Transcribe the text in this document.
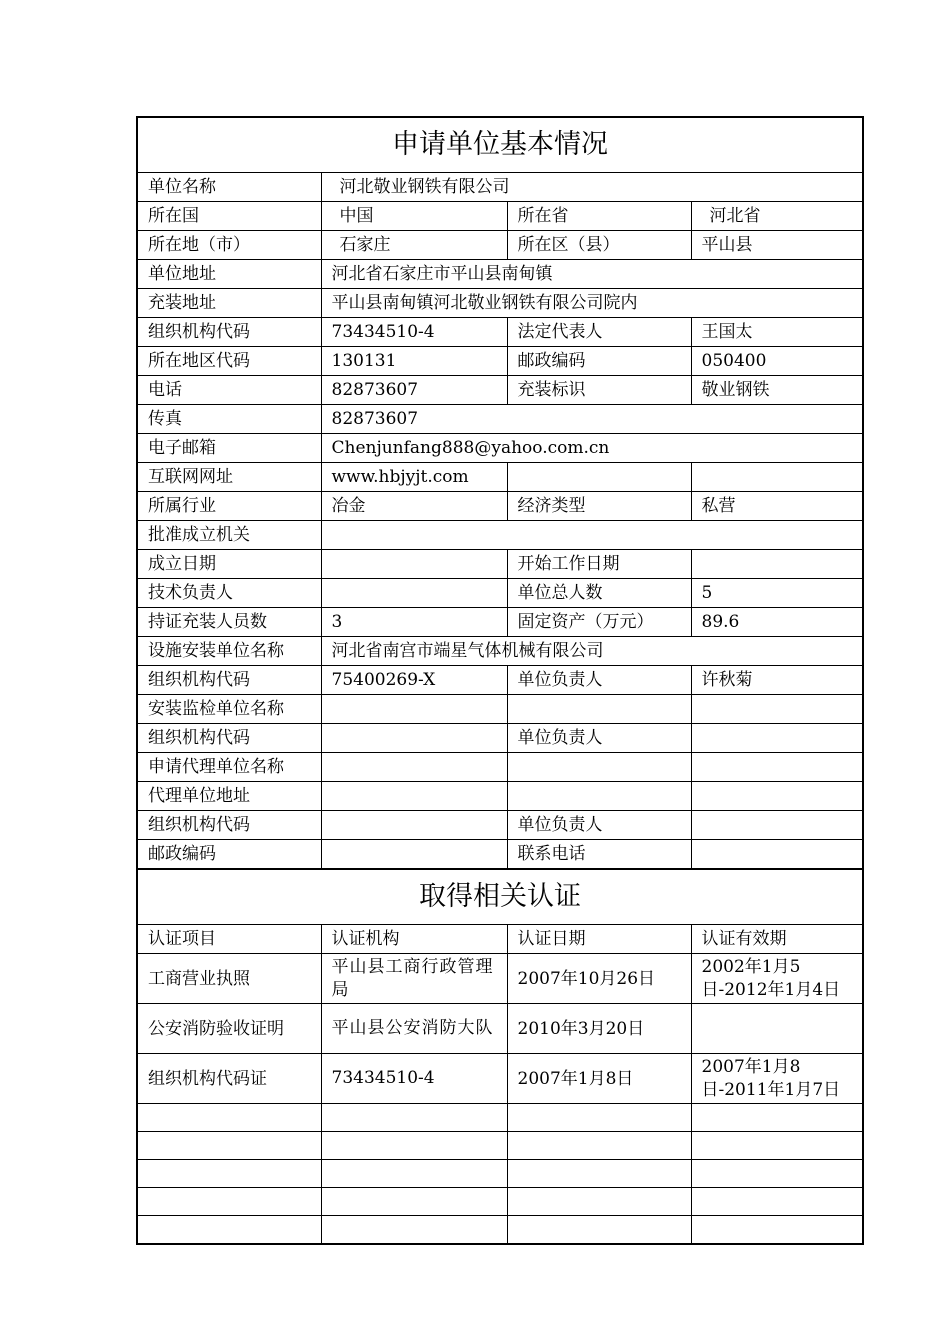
申请单位基本情况			
单位名称	河北敬业钢铁有限公司		
所在国	中国	所在省	河北省
所在地（市）	石家庄	所在区（县）	平山县
单位地址	河北省石家庄市平山县南甸镇		
充装地址	平山县南甸镇河北敬业钢铁有限公司院内		
组织机构代码	73434510-4	法定代表人	王国太
所在地区代码	130131	邮政编码	050400
电话	82873607	充装标识	敬业钢铁
传真	82873607		
电子邮箱	Chenjunfang888@yahoo.com.cn		
互联网网址	www.hbjyjt.com		
所属行业	冶金	经济类型	私营
批准成立机关			
成立日期		开始工作日期	
技术负责人		单位总人数	5
持证充装人员数	3	固定资产（万元）	89.6
设施安装单位名称	河北省南宫市端星气体机械有限公司		
组织机构代码	75400269-X	单位负责人	许秋菊
安装监检单位名称			
组织机构代码		单位负责人	
申请代理单位名称			
代理单位地址			
组织机构代码		单位负责人	
邮政编码		联系电话	
取得相关认证			
认证项目	认证机构	认证日期	认证有效期
工商营业执照	平山县工商行政管理局	2007年10月26日	2002年1月5日-2012年1月4日
公安消防验收证明	平山县公安消防大队	2010年3月20日	
组织机构代码证	73434510-4	2007年1月8日	2007年1月8日-2011年1月7日
